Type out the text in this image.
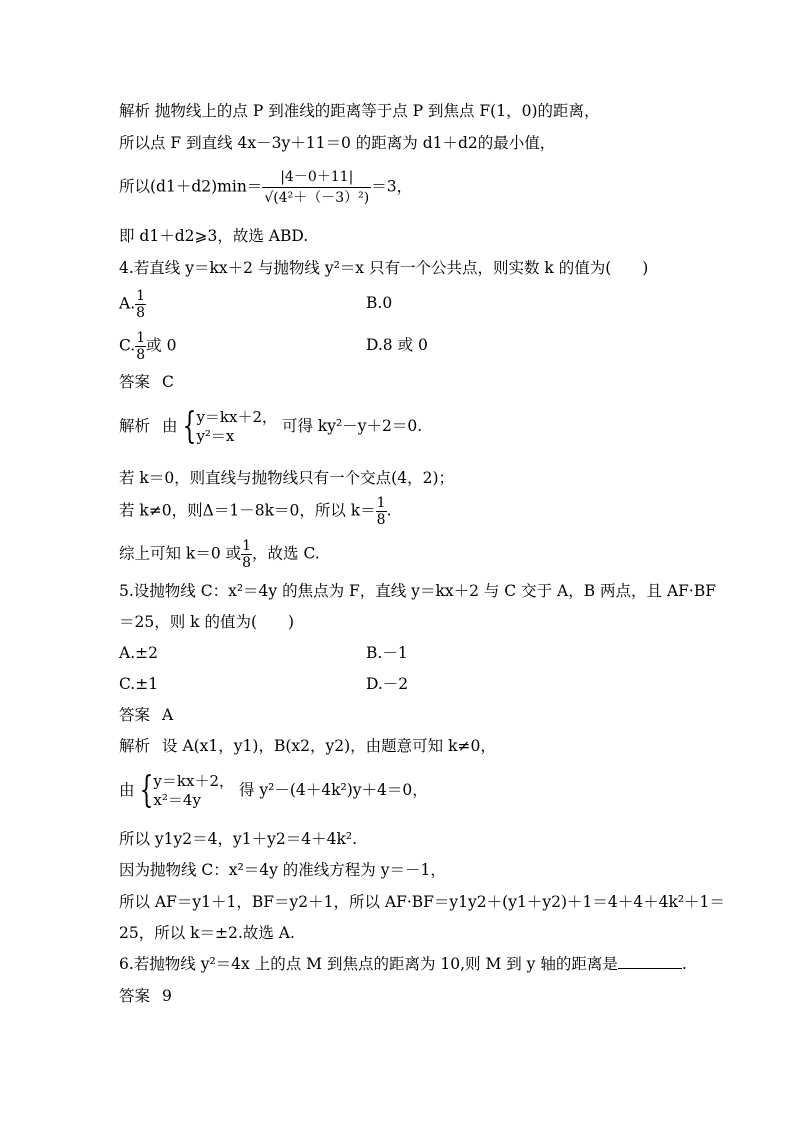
解析 抛物线上的点 P 到准线的距离等于点 P 到焦点 F(1，0)的距离，
所以点 F 到直线 4x－3y＋11＝0 的距离为 d1＋d2的最小值，
所以$(d1+d2)\min= \frac{|4-0+11|}{\text{√(4²＋（－3）²)}} =3$，
即 d1＋d2⩾3，故选 ABD.
4.若直线 y＝kx＋2 与抛物线 y²＝x 只有一个公共点，则实数 k 的值为(　　)
A. $\frac{1}{8}$	B.0
C. $\frac{1}{8}$ 或 0	D.8 或 0
答案 C
解析 由 { y＝kx＋2，
y²＝x
可得 ky²－y＋2＝0.
若 k＝0，则直线与抛物线只有一个交点(4，2)；
若 k≠0，则Δ＝1－8k＝0，所以 $k= \frac{1}{8}$ .
综上可知 k＝0 或 $\frac{1}{8}$ ，故选 C.
5.设抛物线 C：x²＝4y 的焦点为 F，直线 y＝kx＋2 与 C 交于 A，B 两点，且 AF·BF
＝25，则 k 的值为(　　)
A.±2	B.－1
C.±1	D.－2
答案 A
解析 设 A(x1，y1)，B(x2，y2)，由题意可知 k≠0，
由 { y＝kx＋2，
x²＝4y
得 y²－(4＋4k²)y＋4＝0，
所以 y1y2＝4，y1＋y2＝4＋4k².
因为抛物线 C：x²＝4y 的准线方程为 y＝－1，
所以 AF＝y1＋1，BF＝y2＋1，所以 AF·BF＝y1y2＋(y1＋y2)＋1＝4＋4＋4k²＋1＝
25，所以 k＝±2.故选 A.
6.若抛物线 y²＝4x 上的点 M 到焦点的距离为 10,则 M 到 y 轴的距离是	.
答案 9
